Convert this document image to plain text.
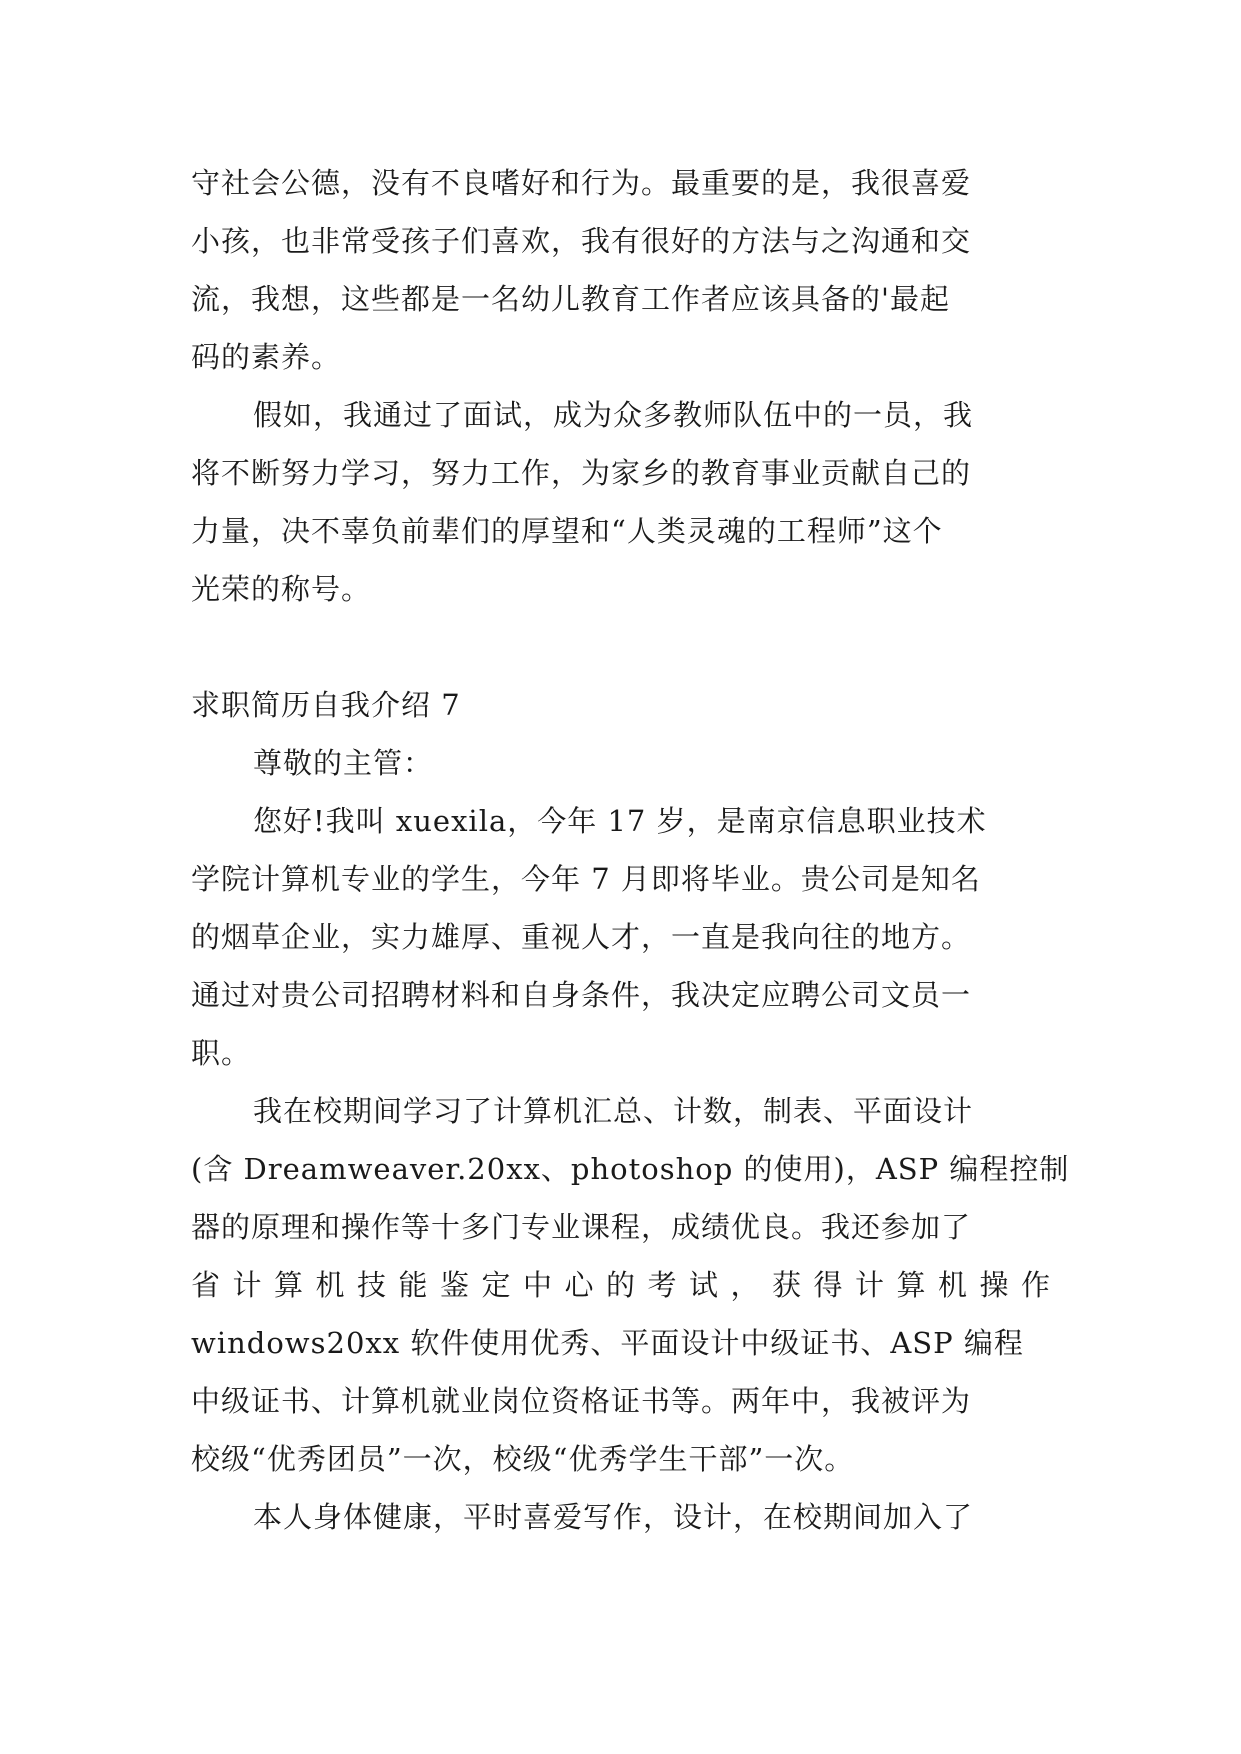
守社会公德，没有不良嗜好和行为。最重要的是，我很喜爱
小孩，也非常受孩子们喜欢，我有很好的方法与之沟通和交
流，我想，这些都是一名幼儿教育工作者应该具备的'最起
码的素养。
假如，我通过了面试，成为众多教师队伍中的一员，我
将不断努力学习，努力工作，为家乡的教育事业贡献自己的
力量，决不辜负前辈们的厚望和“人类灵魂的工程师”这个
光荣的称号。
求职简历自我介绍 7
尊敬的主管：
您好!我叫 xuexila，今年 17 岁，是南京信息职业技术
学院计算机专业的学生，今年 7 月即将毕业。贵公司是知名
的烟草企业，实力雄厚、重视人才，一直是我向往的地方。
通过对贵公司招聘材料和自身条件，我决定应聘公司文员一
职。
我在校期间学习了计算机汇总、计数，制表、平面设计
(含 Dreamweaver.20xx、photoshop 的使用)，ASP 编程控制
器的原理和操作等十多门专业课程，成绩优良。我还参加了
省计算机技能鉴定中心的考试，获得计算机操作
windows20xx 软件使用优秀、平面设计中级证书、ASP 编程
中级证书、计算机就业岗位资格证书等。两年中，我被评为
校级“优秀团员”一次，校级“优秀学生干部”一次。
本人身体健康，平时喜爱写作，设计，在校期间加入了
